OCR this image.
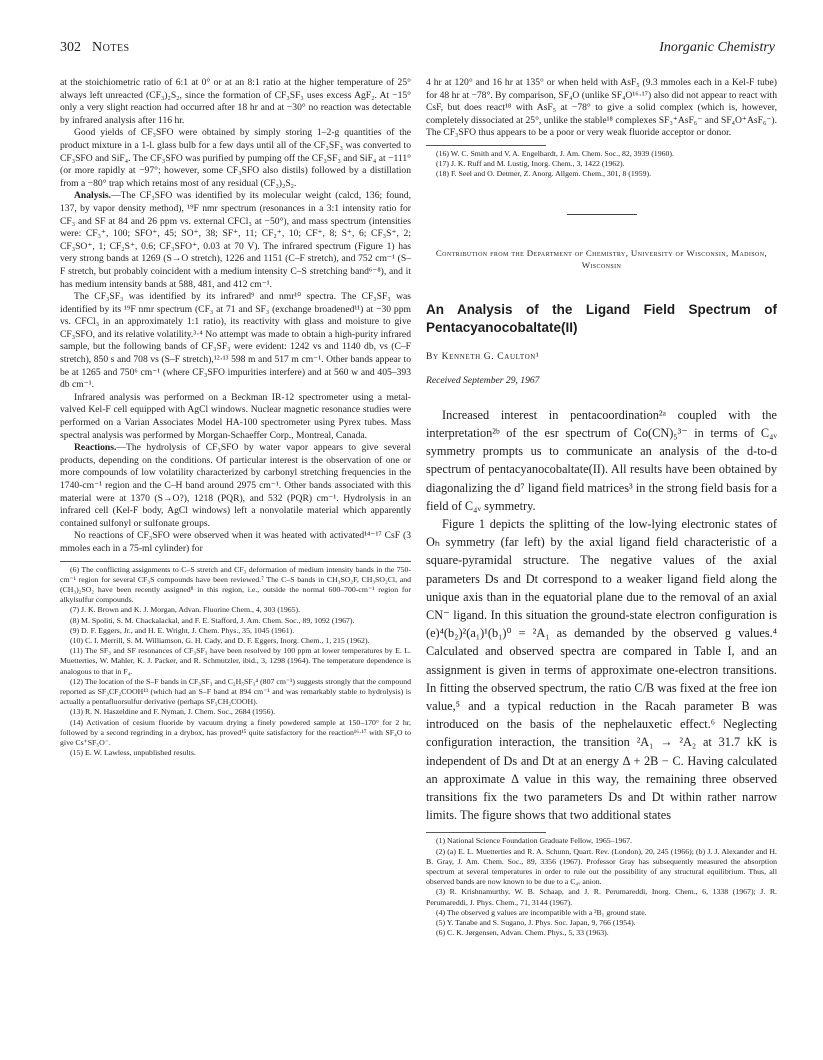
302 Notes	Inorganic Chemistry

at the stoichiometric ratio of 6:1 at 0° or at an 8:1 ratio at the higher temperature of 25° always left unreacted (CF₃)₂S₂, since the formation of CF₃SF₃ uses excess AgF₂. At −15° only a very slight reaction had occurred after 18 hr and at −30° no reaction was detectable by infrared analysis after 116 hr.

Good yields of CF₃SFO were obtained by simply storing 1–2-g quantities of the product mixture in a 1-l. glass bulb for a few days until all of the CF₃SF₃ was converted to CF₃SFO and SiF₄. The CF₃SFO was purified by pumping off the CF₃SF₃ and SiF₄ at −111° (or more rapidly at −97°; however, some CF₃SFO also distils) followed by a distillation from a −80° trap which retains most of any residual (CF₃)₂S₂.

Analysis.—The CF₃SFO was identified by its molecular weight (calcd, 136; found, 137, by vapor density method), ¹⁹F nmr spectrum (resonances in a 3:1 intensity ratio for CF₃ and SF at 84 and 26 ppm vs. external CFCl₃ at −50°), and mass spectrum (intensities were: CF₃⁺, 100; SFO⁺, 45; SO⁺, 38; SF⁺, 11; CF₂⁺, 10; CF⁺, 8; S⁺, 6; CF₃S⁺, 2; CF₃SO⁺, 1; CF₂S⁺, 0.6; CF₃SFO⁺, 0.03 at 70 V). The infrared spectrum (Figure 1) has very strong bands at 1269 (S→O stretch), 1226 and 1151 (C–F stretch), and 752 cm⁻¹ (S–F stretch, but probably coincident with a medium intensity C–S stretching band⁶⁻⁸), and it has medium intensity bands at 588, 481, and 412 cm⁻¹.

The CF₃SF₃ was identified by its infrared⁹ and nmr¹⁰ spectra. The CF₃SF₃ was identified by its ¹⁹F nmr spectrum (CF₃ at 71 and SF₃ (exchange broadened¹¹) at −30 ppm vs. CFCl₃ in an approximately 1:1 ratio), its reactivity with glass and moisture to give CF₃SFO, and its relative volatility.³·⁴ No attempt was made to obtain a high-purity infrared sample, but the following bands of CF₃SF₃ were evident: 1242 vs and 1140 db, vs (C–F stretch), 850 s and 708 vs (S–F stretch),¹²·¹³ 598 m and 517 m cm⁻¹. Other bands appear to be at 1265 and 750⁶ cm⁻¹ (where CF₃SFO impurities interfere) and at 560 w and 405–393 db cm⁻¹.

Infrared analysis was performed on a Beckman IR-12 spectrometer using a metal-valved Kel-F cell equipped with AgCl windows. Nuclear magnetic resonance studies were performed on a Varian Associates Model HA-100 spectrometer using Pyrex tubes. Mass spectral analysis was performed by Morgan-Schaeffer Corp., Montreal, Canada.

Reactions.—The hydrolysis of CF₃SFO by water vapor appears to give several products, depending on the conditions. Of particular interest is the observation of one or more compounds of low volatility characterized by carbonyl stretching frequencies in the 1740-cm⁻¹ region and the C–H band around 2975 cm⁻¹. Other bands associated with this material were at 1370 (S→O?), 1218 (PQR), and 532 (PQR) cm⁻¹. Hydrolysis in an infrared cell (Kel-F body, AgCl windows) left a nonvolatile material which apparently contained sulfonyl or sulfonate groups.

No reactions of CF₃SFO were observed when it was heated with activated¹⁴⁻¹⁷ CsF (3 mmoles each in a 75-ml cylinder) for

(6) The conflicting assignments to C–S stretch and CF₃ deformation of medium intensity bands in the 750-cm⁻¹ region for several CF₃S compounds have been reviewed.⁷ The C–S bands in CH₃SO₂F, CH₃SO₂Cl, and (CH₃)₂SO₂ have been recently assigned⁸ in this region, i.e., outside the normal 600–700-cm⁻¹ region for alkylsulfur compounds.

(7) J. K. Brown and K. J. Morgan, Advan. Fluorine Chem., 4, 303 (1965).

(8) M. Spoliti, S. M. Chackalackal, and F. E. Stafford, J. Am. Chem. Soc., 89, 1092 (1967).

(9) D. F. Eggers, Jr., and H. E. Wright, J. Chem. Phys., 35, 1045 (1961).

(10) C. I. Merrill, S. M. Williamson, G. H. Cady, and D. F. Eggers, Inorg. Chem., 1, 215 (1962).

(11) The SF₃ and SF resonances of CF₃SF₃ have been resolved by 100 ppm at lower temperatures by E. L. Muetterties, W. Mahler, K. J. Packer, and R. Schmutzler, ibid., 3, 1298 (1964). The temperature dependence is analogous to that in F₄.

(12) The location of the S–F bands in CF₃SF₃ and C₂H₅SF₃⁴ (807 cm⁻¹) suggests strongly that the compound reported as SF₃CF₂COOH¹³ (which had an S–F band at 894 cm⁻¹ and was remarkably stable to hydrolysis) is actually a pentafluorsulfur derivative (perhaps SF₅CH₂COOH).

(13) R. N. Haszeldine and F. Nyman, J. Chem. Soc., 2684 (1956).

(14) Activation of cesium fluoride by vacuum drying a finely powdered sample at 150–170° for 2 hr, followed by a second regrinding in a drybox, has proved¹⁵ quite satisfactory for the reaction¹⁶·¹⁷ with SF₄O to give Cs⁺SF₅O⁻.

(15) E. W. Lawless, unpublished results.

4 hr at 120° and 16 hr at 135° or when held with AsF₅ (9.3 mmoles each in a Kel-F tube) for 48 hr at −78°. By comparison, SF₄O (unlike SF₄O¹⁶·¹⁷) also did not appear to react with CsF, but does react¹⁸ with AsF₅ at −78° to give a solid complex (which is, however, completely dissociated at 25°, unlike the stable¹⁸ complexes SF₃⁺AsF₆⁻ and SF₄O⁺AsF₆⁻). The CF₃SFO thus appears to be a poor or very weak fluoride acceptor or donor.

(16) W. C. Smith and V. A. Engelhardt, J. Am. Chem. Soc., 82, 3939 (1960).

(17) J. K. Ruff and M. Lustig, Inorg. Chem., 3, 1422 (1962).

(18) F. Seel and O. Detmer, Z. Anorg. Allgem. Chem., 301, 8 (1959).

Contribution from the Department of Chemistry, University of Wisconsin, Madison, Wisconsin
An Analysis of the Ligand Field Spectrum of Pentacyanocobaltate(II)
By Kenneth G. Caulton¹
Received September 29, 1967

Increased interest in pentacoordination²ᵃ coupled with the interpretation²ᵇ of the esr spectrum of Co(CN)₅³⁻ in terms of C₄ᵥ symmetry prompts us to communicate an analysis of the d-to-d spectrum of pentacyanocobaltate(II). All results have been obtained by diagonalizing the d⁷ ligand field matrices³ in the strong field basis for a field of C₄ᵥ symmetry.

Figure 1 depicts the splitting of the low-lying electronic states of Oₕ symmetry (far left) by the axial ligand field characteristic of a square-pyramidal structure. The negative values of the axial parameters Ds and Dt correspond to a weaker ligand field along the unique axis than in the equatorial plane due to the removal of an axial CN⁻ ligand. In this situation the ground-state electron configuration is (e)⁴(b₂)²(a₁)¹(b₁)⁰ = ²A₁ as demanded by the observed g values.⁴ Calculated and observed spectra are compared in Table I, and an assignment is given in terms of approximate one-electron transitions. In fitting the observed spectrum, the ratio C/B was fixed at the free ion value,⁵ and a typical reduction in the Racah parameter B was introduced on the basis of the nephelauxetic effect.⁶ Neglecting configuration interaction, the transition ²A₁ → ²A₂ at 31.7 kK is independent of Ds and Dt at an energy Δ + 2B − C. Having calculated an approximate Δ value in this way, the remaining three observed transitions fix the two parameters Ds and Dt within rather narrow limits. The figure shows that two additional states

(1) National Science Foundation Graduate Fellow, 1965–1967.

(2) (a) E. L. Muetterties and R. A. Schunn, Quart. Rev. (London), 20, 245 (1966); (b) J. J. Alexander and H. B. Gray, J. Am. Chem. Soc., 89, 3356 (1967). Professor Gray has subsequently measured the absorption spectrum at several temperatures in order to rule out the possibility of any structural equilibrium. Thus, all observed bands are now known to be due to a C₄ᵥ anion.

(3) R. Krishnamurthy, W. B. Schaap, and J. R. Perumareddi, Inorg. Chem., 6, 1338 (1967); J. R. Perumareddi, J. Phys. Chem., 71, 3144 (1967).

(4) The observed g values are incompatible with a ²B₁ ground state.

(5) Y. Tanabe and S. Sugano, J. Phys. Soc. Japan, 9, 766 (1954).

(6) C. K. Jørgensen, Advan. Chem. Phys., 5, 33 (1963).
